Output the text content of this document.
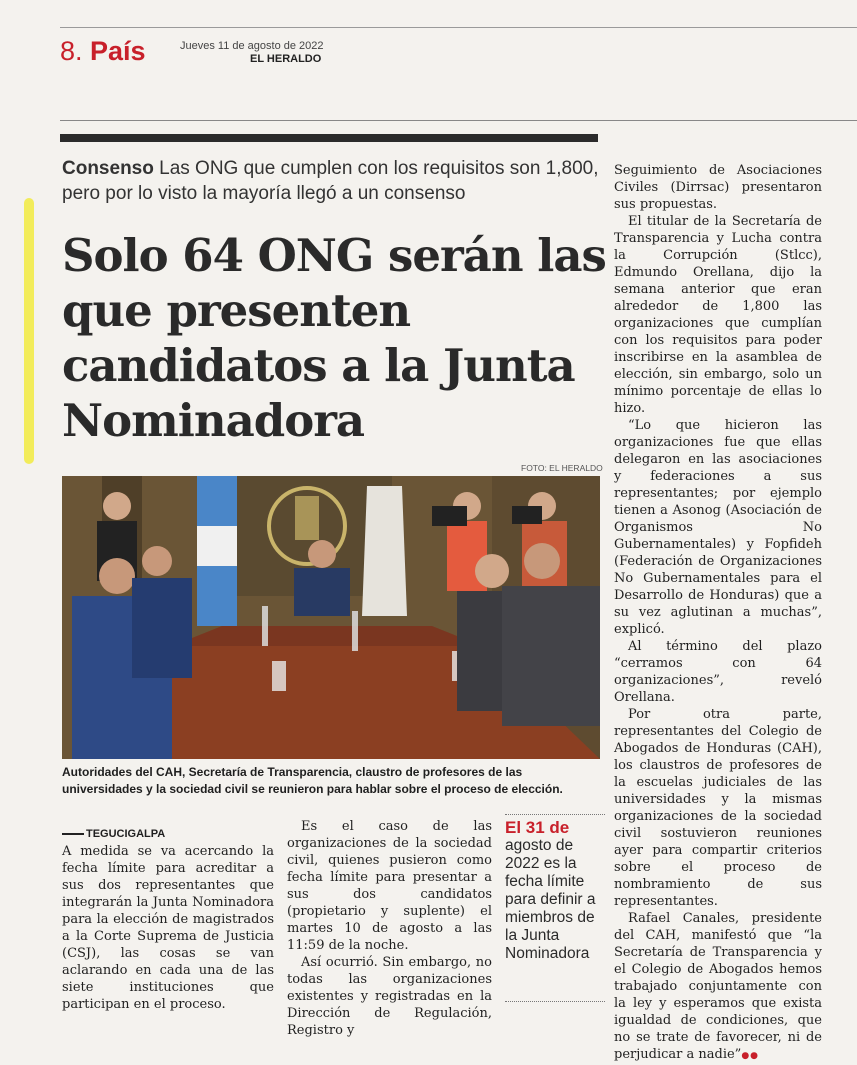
8. País	Jueves 11 de agosto de 2022
EL HERALDO
Consenso Las ONG que cumplen con los requisitos son 1,800, pero por lo visto la mayoría llegó a un consenso
Solo 64 ONG serán las que presenten candidatos a la Junta Nominadora
FOTO: EL HERALDO
Autoridades del CAH, Secretaría de Transparencia, claustro de profesores de las universidades y la sociedad civil se reunieron para hablar sobre el proceso de elección.
TEGUCIGALPA

A medida se va acercando la fecha límite para acreditar a sus dos representantes que integrarán la Junta Nominadora para la elección de magistrados a la Corte Suprema de Justicia (CSJ), las cosas se van aclarando en cada una de las siete instituciones que participan en el proceso.

Es el caso de las organizaciones de la sociedad civil, quienes pusieron como fecha límite para presentar a sus dos candidatos (propietario y suplente) el martes 10 de agosto a las 11:59 de la noche.

Así ocurrió. Sin embargo, no todas las organizaciones existentes y registradas en la Dirección de Regulación, Registro y

El 31 de
agosto de 2022 es la fecha límite para definir a miembros de la Junta Nominadora

Seguimiento de Asociaciones Civiles (Dirrsac) presentaron sus propuestas.

El titular de la Secretaría de Transparencia y Lucha contra la Corrupción (Stlcc), Edmundo Orellana, dijo la semana anterior que eran alrededor de 1,800 las organizaciones que cumplían con los requisitos para poder inscribirse en la asamblea de elección, sin embargo, solo un mínimo porcentaje de ellas lo hizo.

“Lo que hicieron las organizaciones fue que ellas delegaron en las asociaciones y federaciones a sus representantes; por ejemplo tienen a Asonog (Asociación de Organismos No Gubernamentales) y Fopfideh (Federación de Organizaciones No Gubernamentales para el Desarrollo de Honduras) que a su vez aglutinan a muchas”, explicó.

Al término del plazo “cerramos con 64 organizaciones”, reveló Orellana.

Por otra parte, representantes del Colegio de Abogados de Honduras (CAH), los claustros de profesores de la escuelas judiciales de las universidades y la mismas organizaciones de la sociedad civil sostuvieron reuniones ayer para compartir criterios sobre el proceso de nombramiento de sus representantes.

Rafael Canales, presidente del CAH, manifestó que “la Secretaría de Transparencia y el Colegio de Abogados hemos trabajado conjuntamente con la ley y esperamos que exista igualdad de condiciones, que no se trate de favorecer, ni de perjudicar a nadie”●●
